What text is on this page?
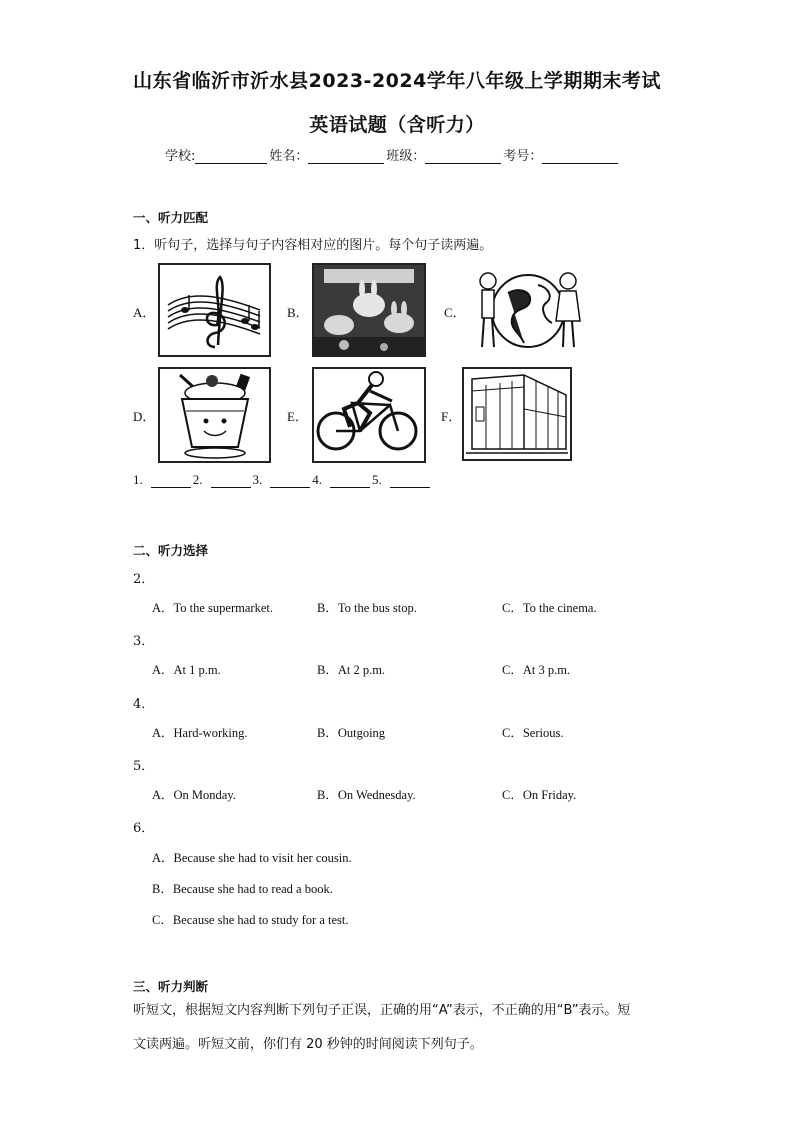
山东省临沂市沂水县2023-2024学年八年级上学期期末考试
英语试题（含听力）
学校:	姓名：	班级：	考号：
一、听力匹配
1．听句子，选择与句子内容相对应的图片。每个句子读两遍。
A．	B．	C．
D．	E．	F．
1.	2.	3.	4.	5.
二、听力选择
2．
A．To the supermarket.	B．To the bus stop.	C．To the cinema.
3．
A．At 1 p.m.	B．At 2 p.m.	C．At 3 p.m.
4．
A．Hard-working.	B．Outgoing	C．Serious.
5．
A．On Monday.	B．On Wednesday.	C．On Friday.
6．
A．Because she had to visit her cousin.
B．Because she had to read a book.
C．Because she had to study for a test.
三、听力判断
听短文，根据短文内容判断下列句子正误，正确的用“A”表示，不正确的用“B”表示。短
文读两遍。听短文前，你们有 20 秒钟的时间阅读下列句子。
